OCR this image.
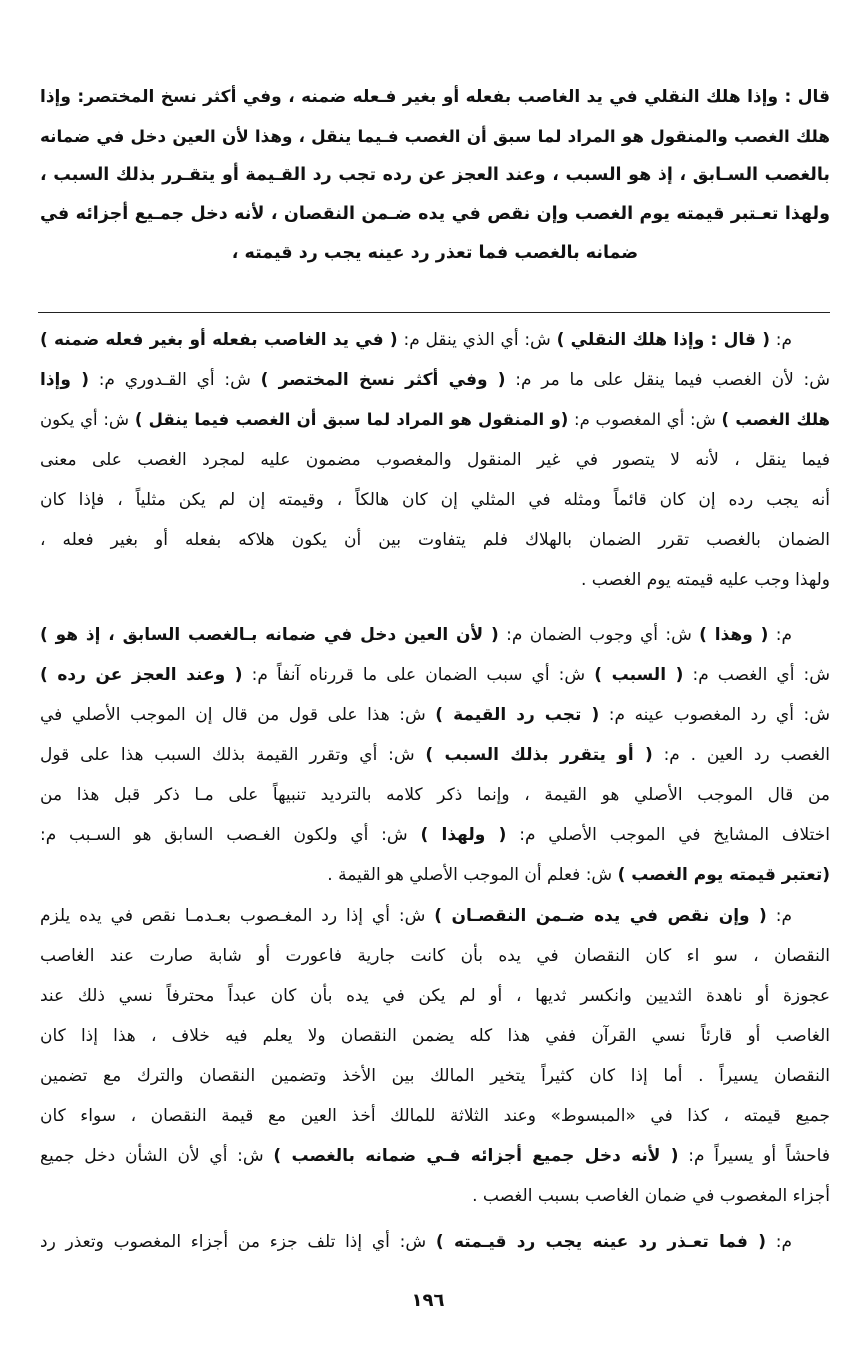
قال : وإذا هلك النقلي في يد الغاصب بفعله أو بغير فـعله ضمنه ، وفي أكثر نسخ المختصر: وإذا
هلك الغصب والمنقول هو المراد لما سبق أن الغصب فـيما ينقل ، وهذا لأن العين دخل في ضمانه
بالغصب السـابق ، إذ هو السبب ، وعند العجز عن رده تجب رد القـيمة أو يتقـرر بذلك السبب ،
ولهذا تعـتبر قيمته يوم الغصب وإن نقص في يده ضـمن النقصان ، لأنه دخل جمـيع أجزائه في
ضمانه بالغصب فما تعذر رد عينه يجب رد قيمته ،
م: ( قال : وإذا هلك النقلي ) ش: أي الذي ينقل م: ( في يد الغاصب بفعله أو بغير فعله ضمنه )
ش: لأن الغصب فيما ينقل على ما مر م: ( وفي أكثر نسخ المختصر ) ش: أي القـدوري م: ( وإذا
هلك الغصب ) ش: أي المغصوب م: (و المنقول هو المراد لما سبق أن الغصب فيما ينقل ) ش: أي يكون
فيما ينقل ، لأنه لا يتصور في غير المنقول والمغصوب مضمون عليه لمجرد الغصب على معنى
أنه يجب رده إن كان قائماً ومثله في المثلي إن كان هالكاً ، وقيمته إن لم يكن مثلياً ، فإذا كان
الضمان بالغصب تقرر الضمان بالهلاك فلم يتفاوت بين أن يكون هلاكه بفعله أو بغير فعله ،
ولهذا وجب عليه قيمته يوم الغصب .
م: ( وهذا ) ش: أي وجوب الضمان م: ( لأن العين دخل في ضمانه بـالغصب السابق ، إذ هو )
ش: أي الغصب م: ( السبب ) ش: أي سبب الضمان على ما قررناه آنفاً م: ( وعند العجز عن رده )
ش: أي رد المغصوب عينه م: ( تجب رد القيمة ) ش: هذا على قول من قال إن الموجب الأصلي في
الغصب رد العين . م: ( أو يتقرر بذلك السبب ) ش: أي وتقرر القيمة بذلك السبب هذا على قول
من قال الموجب الأصلي هو القيمة ، وإنما ذكر كلامه بالترديد تنبيهاً على مـا ذكر قبل هذا من
اختلاف المشايخ في الموجب الأصلي م: ( ولهذا ) ش: أي ولكون الغـصب السابق هو السـبب م:
(تعتبر قيمته يوم الغصب ) ش: فعلم أن الموجب الأصلي هو القيمة .
م: ( وإن نقص في يده ضـمن النقصـان ) ش: أي إذا رد المغـصوب بعـدمـا نقص في يده يلزم
النقصان ، سو اء كان النقصان في يده بأن كانت جارية فاعورت أو شابة صارت عند الغاصب
عجوزة أو ناهدة الثديين وانكسر ثديها ، أو لم يكن في يده بأن كان عبداً محترفاً نسي ذلك عند
الغاصب أو قارئاً نسي القرآن ففي هذا كله يضمن النقصان ولا يعلم فيه خلاف ، هذا إذا كان
النقصان يسيراً . أما إذا كان كثيراً يتخير المالك بين الأخذ وتضمين النقصان والترك مع تضمين
جميع قيمته ، كذا في «المبسوط» وعند الثلاثة للمالك أخذ العين مع قيمة النقصان ، سواء كان
فاحشاً أو يسيراً م: ( لأنه دخل جميع أجزائه فـي ضمانه بالغصب ) ش: أي لأن الشأن دخل جميع
أجزاء المغصوب في ضمان الغاصب بسبب الغصب .
م: ( فما تعـذر رد عينه يجب رد قيـمته ) ش: أي إذا تلف جزء من أجزاء المغصوب وتعذر رد
١٩٦
